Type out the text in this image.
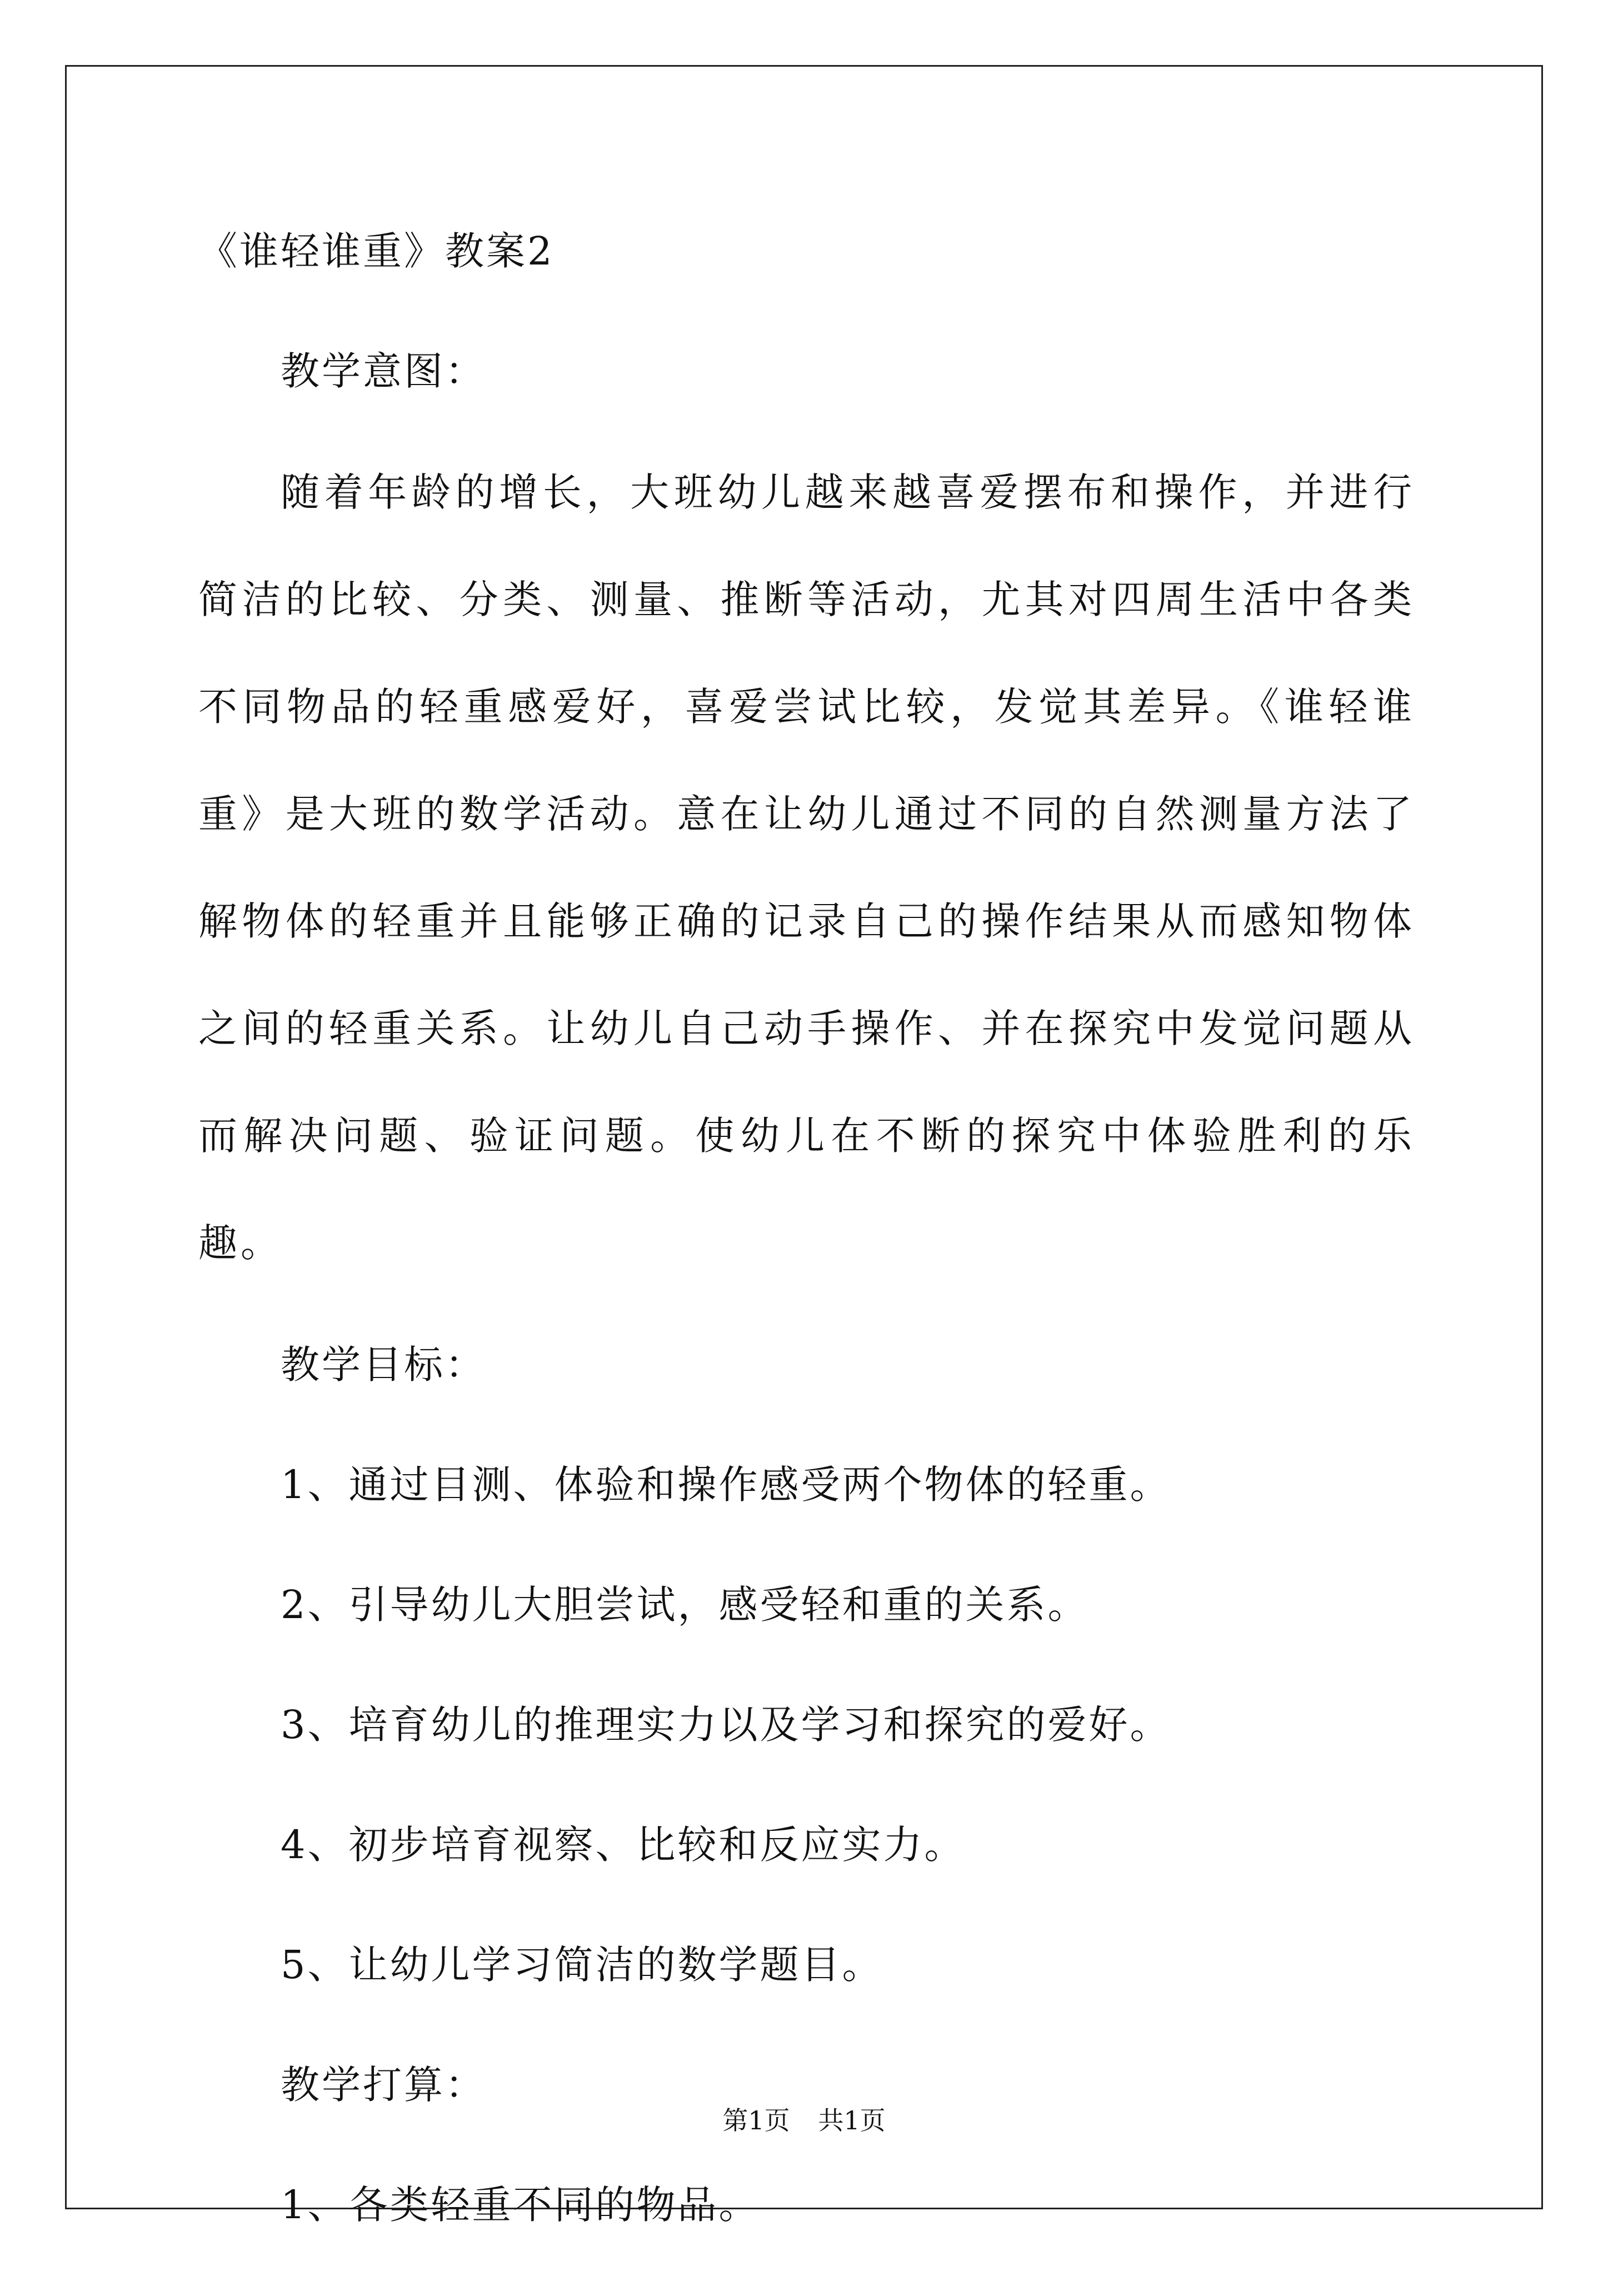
《谁轻谁重》教案2

教学意图：

随着年龄的增长，大班幼儿越来越喜爱摆布和操作，并进行简洁的比较、分类、测量、推断等活动，尤其对四周生活中各类不同物品的轻重感爱好，喜爱尝试比较，发觉其差异。《谁轻谁重》是大班的数学活动。意在让幼儿通过不同的自然测量方法了解物体的轻重并且能够正确的记录自己的操作结果从而感知物体之间的轻重关系。让幼儿自己动手操作、并在探究中发觉问题从而解决问题、验证问题。使幼儿在不断的探究中体验胜利的乐趣。

教学目标：

1、通过目测、体验和操作感受两个物体的轻重。

2、引导幼儿大胆尝试，感受轻和重的关系。

3、培育幼儿的推理实力以及学习和探究的爱好。

4、初步培育视察、比较和反应实力。

5、让幼儿学习简洁的数学题目。

教学打算：

1、各类轻重不同的物品。

第1页 共1页
